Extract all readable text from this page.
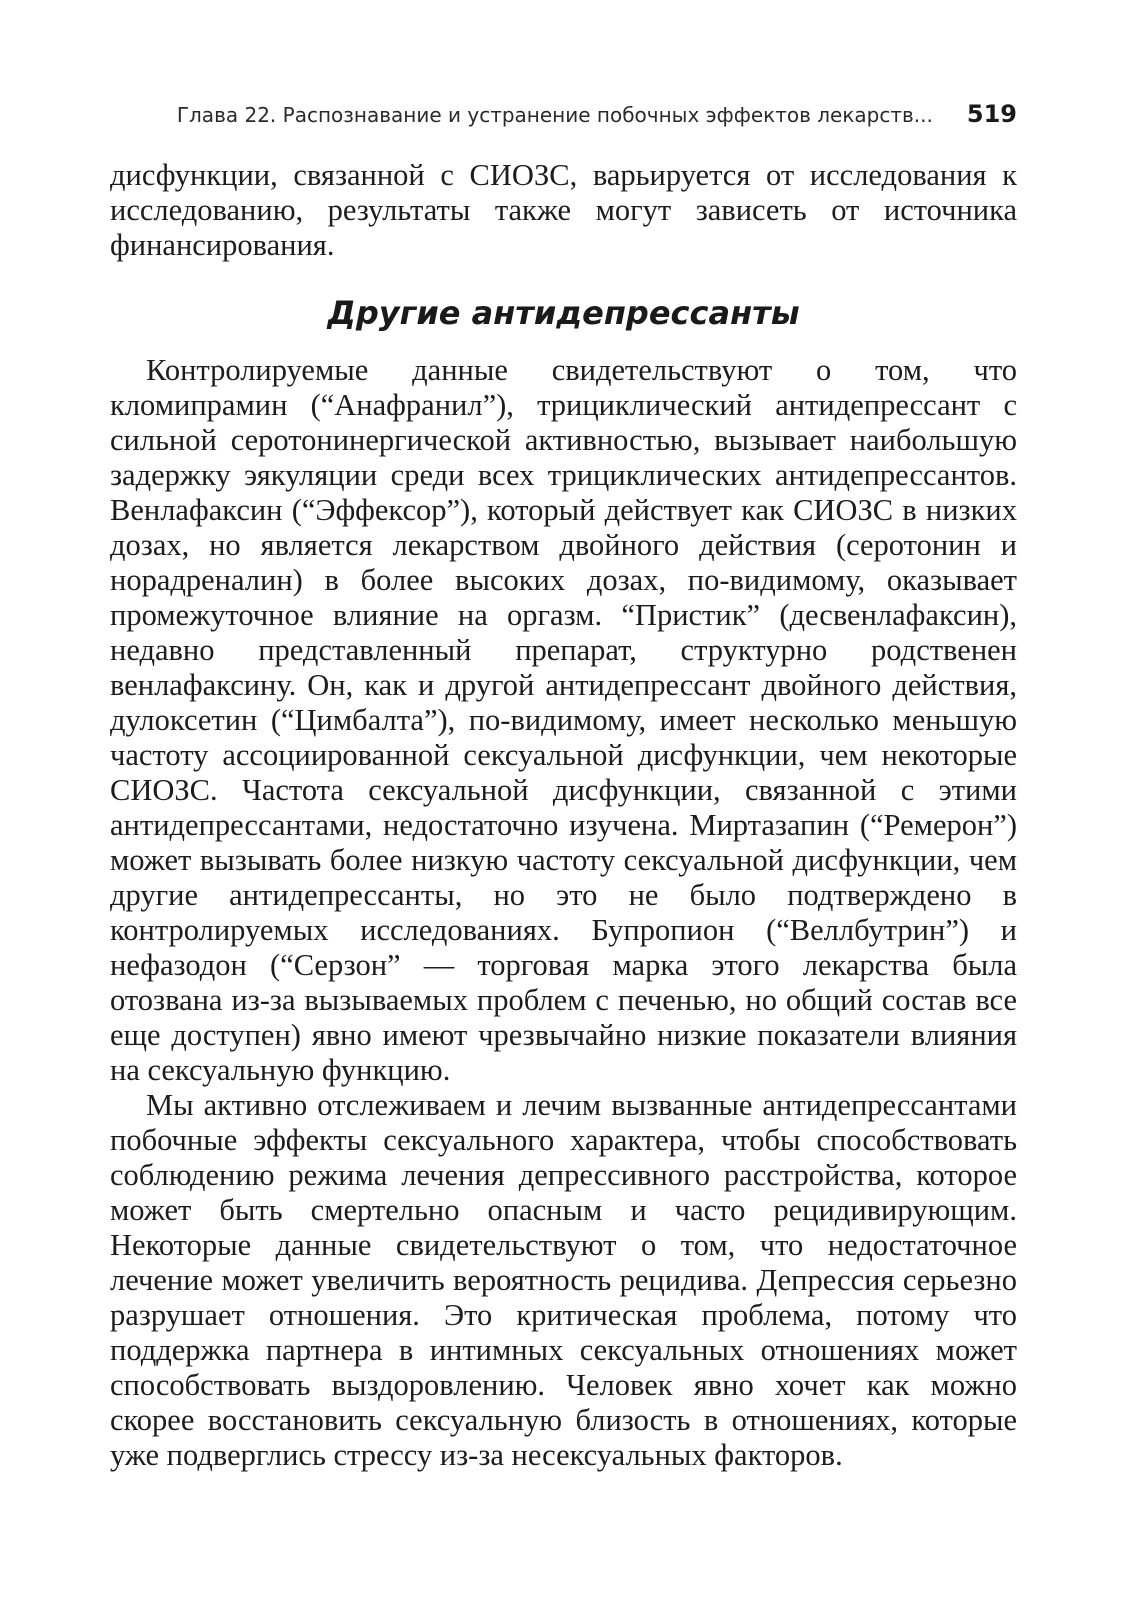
Глава 22. Распознавание и устранение побочных эффектов лекарств... 519

дисфункции, связанной с СИОЗС, варьируется от исследования к исследованию, результаты также могут зависеть от источника финансирования.

Другие антидепрессанты

Контролируемые данные свидетельствуют о том, что кломипрамин (“Анафранил”), трициклический антидепрессант с сильной серотонинергической активностью, вызывает наибольшую задержку эякуляции среди всех трициклических антидепрессантов. Венлафаксин (“Эффексор”), который действует как СИОЗС в низких дозах, но является лекарством двойного действия (серотонин и норадреналин) в более высоких дозах, по-видимому, оказывает промежуточное влияние на оргазм. “Пристик” (десвенлафаксин), недавно представленный препарат, структурно родственен венлафаксину. Он, как и другой антидепрессант двойного действия, дулоксетин (“Цимбалта”), по-видимому, имеет несколько меньшую частоту ассоциированной сексуальной дисфункции, чем некоторые СИОЗС. Частота сексуальной дисфункции, связанной с этими антидепрессантами, недостаточно изучена. Миртазапин (“Ремерон”) может вызывать более низкую частоту сексуальной дисфункции, чем другие антидепрессанты, но это не было подтверждено в контролируемых исследованиях. Бупропион (“Веллбутрин”) и нефазодон (“Серзон” — торговая марка этого лекарства была отозвана из-за вызываемых проблем с печенью, но общий состав все еще доступен) явно имеют чрезвычайно низкие показатели влияния на сексуальную функцию.

Мы активно отслеживаем и лечим вызванные антидепрессантами побочные эффекты сексуального характера, чтобы способствовать соблюдению режима лечения депрессивного расстройства, которое может быть смертельно опасным и часто рецидивирующим. Некоторые данные свидетельствуют о том, что недостаточное лечение может увеличить вероятность рецидива. Депрессия серьезно разрушает отношения. Это критическая проблема, потому что поддержка партнера в интимных сексуальных отношениях может способствовать выздоровлению. Человек явно хочет как можно скорее восстановить сексуальную близость в отношениях, которые уже подверглись стрессу из-за несексуальных факторов.
